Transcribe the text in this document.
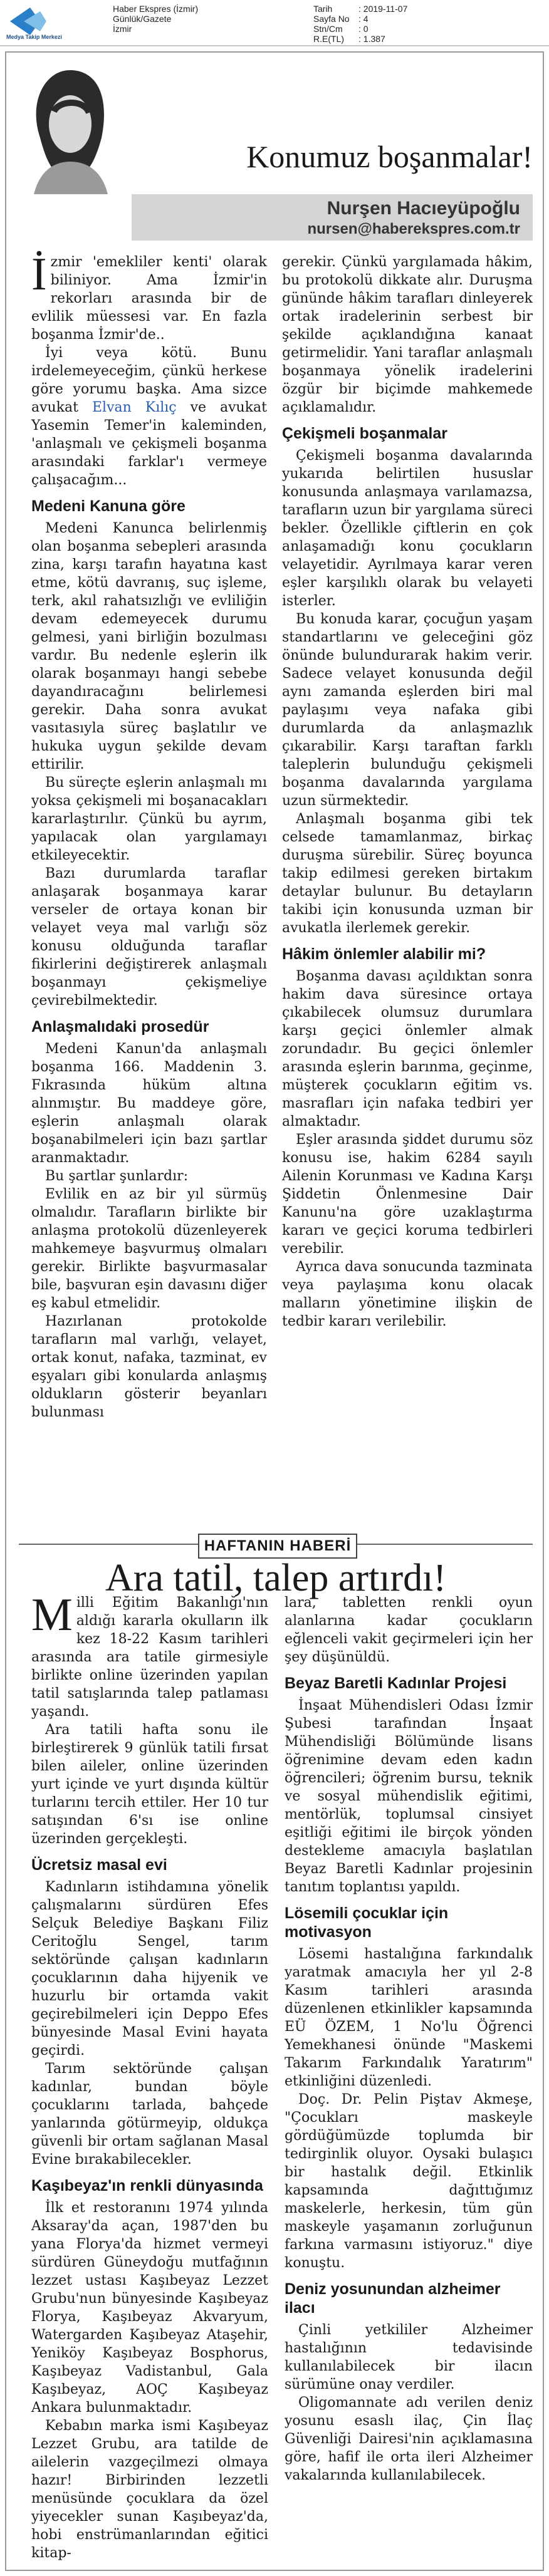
Medya Takip Merkezi
Haber Ekspres (İzmir)
Günlük/Gazete
İzmir
Tarih	: 2019-11-07
Sayfa No : 4
Stn/Cm : 0
R.E(TL) : 1.387
Konumuz boşanmalar!
Nurşen Hacıeyüpoğlu
nursen@haberekspres.com.tr

İzmir 'emekliler kenti' olarak biliniyor. Ama İzmir'in rekorları arasında bir de evlilik müessesi var. En fazla boşanma İzmir'de..

İyi veya kötü. Bunu irdelemeyeceğim, çünkü herkese göre yorumu başka. Ama sizce avukat Elvan Kılıç ve avukat Yasemin Temer'in kaleminden, 'anlaşmalı ve çekişmeli boşanma arasındaki farklar'ı vermeye çalışacağım...

Medeni Kanuna göre

Medeni Kanunca belirlenmiş olan boşanma sebepleri arasında zina, karşı tarafın hayatına kast etme, kötü davranış, suç işleme, terk, akıl rahatsızlığı ve evliliğin devam edemeyecek durumu gelmesi, yani birliğin bozulması vardır. Bu nedenle eşlerin ilk olarak boşanmayı hangi sebebe dayandıracağını belirlemesi gerekir. Daha sonra avukat vasıtasıyla süreç başlatılır ve hukuka uygun şekilde devam ettirilir.

Bu süreçte eşlerin anlaşmalı mı yoksa çekişmeli mi boşanacakları kararlaştırılır. Çünkü bu ayrım, yapılacak olan yargılamayı etkileyecektir.

Bazı durumlarda taraflar anlaşarak boşanmaya karar verseler de ortaya konan bir velayet veya mal varlığı söz konusu olduğunda taraflar fikirlerini değiştirerek anlaşmalı boşanmayı çekişmeliye çevirebilmektedir.

Anlaşmalıdaki prosedür

Medeni Kanun'da anlaşmalı boşanma 166. Maddenin 3. Fıkrasında hüküm altına alınmıştır. Bu maddeye göre, eşlerin anlaşmalı olarak boşanabilmeleri için bazı şartlar aranmaktadır.

Bu şartlar şunlardır:

Evlilik en az bir yıl sürmüş olmalıdır. Tarafların birlikte bir anlaşma protokolü düzenleyerek mahkemeye başvurmuş olmaları gerekir. Birlikte başvurmasalar bile, başvuran eşin davasını diğer eş kabul etmelidir.

Hazırlanan protokolde tarafların mal varlığı, velayet, ortak konut, nafaka, tazminat, ev eşyaları gibi konularda anlaşmış oldukların gösterir beyanları bulunması

gerekir. Çünkü yargılamada hâkim, bu protokolü dikkate alır. Duruşma gününde hâkim tarafları dinleyerek ortak iradelerinin serbest bir şekilde açıklandığına kanaat getirmelidir. Yani taraflar anlaşmalı boşanmaya yönelik iradelerini özgür bir biçimde mahkemede açıklamalıdır.

Çekişmeli boşanmalar

Çekişmeli boşanma davalarında yukarıda belirtilen hususlar konusunda anlaşmaya varılamazsa, tarafların uzun bir yargılama süreci bekler. Özellikle çiftlerin en çok anlaşamadığı konu çocukların velayetidir. Ayrılmaya karar veren eşler karşılıklı olarak bu velayeti isterler.

Bu konuda karar, çocuğun yaşam standartlarını ve geleceğini göz önünde bulundurarak hakim verir. Sadece velayet konusunda değil aynı zamanda eşlerden biri mal paylaşımı veya nafaka gibi durumlarda da anlaşmazlık çıkarabilir. Karşı taraftan farklı taleplerin bulunduğu çekişmeli boşanma davalarında yargılama uzun sürmektedir.

Anlaşmalı boşanma gibi tek celsede tamamlanmaz, birkaç duruşma sürebilir. Süreç boyunca takip edilmesi gereken birtakım detaylar bulunur. Bu detayların takibi için konusunda uzman bir avukatla ilerlemek gerekir.

Hâkim önlemler alabilir mi?

Boşanma davası açıldıktan sonra hakim dava süresince ortaya çıkabilecek olumsuz durumlara karşı geçici önlemler almak zorundadır. Bu geçici önlemler arasında eşlerin barınma, geçinme, müşterek çocukların eğitim vs. masrafları için nafaka tedbiri yer almaktadır.

Eşler arasında şiddet durumu söz konusu ise, hakim 6284 sayılı Ailenin Korunması ve Kadına Karşı Şiddetin Önlenmesine Dair Kanunu'na göre uzaklaştırma kararı ve geçici koruma tedbirleri verebilir.

Ayrıca dava sonucunda tazminata veya paylaşıma konu olacak malların yönetimine ilişkin de tedbir kararı verilebilir.

HAFTANIN HABERİ
Ara tatil, talep artırdı!

Milli Eğitim Bakanlığı'nın aldığı kararla okulların ilk kez 18-22 Kasım tarihleri arasında ara tatile girmesiyle birlikte online üzerinden yapılan tatil satışlarında talep patlaması yaşandı.

Ara tatili hafta sonu ile birleştirerek 9 günlük tatili fırsat bilen aileler, online üzerinden yurt içinde ve yurt dışında kültür turlarını tercih ettiler. Her 10 tur satışından 6'sı ise online üzerinden gerçekleşti.

Ücretsiz masal evi

Kadınların istihdamına yönelik çalışmalarını sürdüren Efes Selçuk Belediye Başkanı Filiz Ceritoğlu Sengel, tarım sektöründe çalışan kadınların çocuklarının daha hijyenik ve huzurlu bir ortamda vakit geçirebilmeleri için Deppo Efes bünyesinde Masal Evini hayata geçirdi.

Tarım sektöründe çalışan kadınlar, bundan böyle çocuklarını tarlada, bahçede yanlarında götürmeyip, oldukça güvenli bir ortam sağlanan Masal Evine bırakabilecekler.

Kaşıbeyaz'ın renkli dünyasında

İlk et restoranını 1974 yılında Aksaray'da açan, 1987'den bu yana Florya'da hizmet vermeyi sürdüren Güneydoğu mutfağının lezzet ustası Kaşıbeyaz Lezzet Grubu'nun bünyesinde Kaşıbeyaz Florya, Kaşıbeyaz Akvaryum, Watergarden Kaşıbeyaz Ataşehir, Yeniköy Kaşıbeyaz Bosphorus, Kaşıbeyaz Vadistanbul, Gala Kaşıbeyaz, AOÇ Kaşıbeyaz Ankara bulunmaktadır.

Kebabın marka ismi Kaşıbeyaz Lezzet Grubu, ara tatilde de ailelerin vazgeçilmezi olmaya hazır! Birbirinden lezzetli menüsünde çocuklara da özel yiyecekler sunan Kaşıbeyaz'da, hobi enstrümanlarından eğitici kitap-

lara, tabletten renkli oyun alanlarına kadar çocukların eğlenceli vakit geçirmeleri için her şey düşünüldü.

Beyaz Baretli Kadınlar Projesi

İnşaat Mühendisleri Odası İzmir Şubesi tarafından İnşaat Mühendisliği Bölümünde lisans öğrenimine devam eden kadın öğrencileri; öğrenim bursu, teknik ve sosyal mühendislik eğitimi, mentörlük, toplumsal cinsiyet eşitliği eğitimi ile birçok yönden destekleme amacıyla başlatılan Beyaz Baretli Kadınlar projesinin tanıtım toplantısı yapıldı.

Lösemili çocuklar için motivasyon

Lösemi hastalığına farkındalık yaratmak amacıyla her yıl 2-8 Kasım tarihleri arasında düzenlenen etkinlikler kapsamında EÜ ÖZEM, 1 No'lu Öğrenci Yemekhanesi önünde "Maskemi Takarım Farkındalık Yaratırım" etkinliğini düzenledi.

Doç. Dr. Pelin Piştav Akmeşe, "Çocukları maskeyle gördüğümüzde toplumda bir tedirginlik oluyor. Oysaki bulaşıcı bir hastalık değil. Etkinlik kapsamında dağıttığımız maskelerle, herkesin, tüm gün maskeyle yaşamanın zorluğunun farkına varmasını istiyoruz." diye konuştu.

Deniz yosunundan alzheimer ilacı

Çinli yetkililer Alzheimer hastalığının tedavisinde kullanılabilecek bir ilacın sürümüne onay verdiler.

Oligomannate adı verilen deniz yosunu esaslı ilaç, Çin İlaç Güvenliği Dairesi'nin açıklamasına göre, hafif ile orta ileri Alzheimer vakalarında kullanılabilecek.
